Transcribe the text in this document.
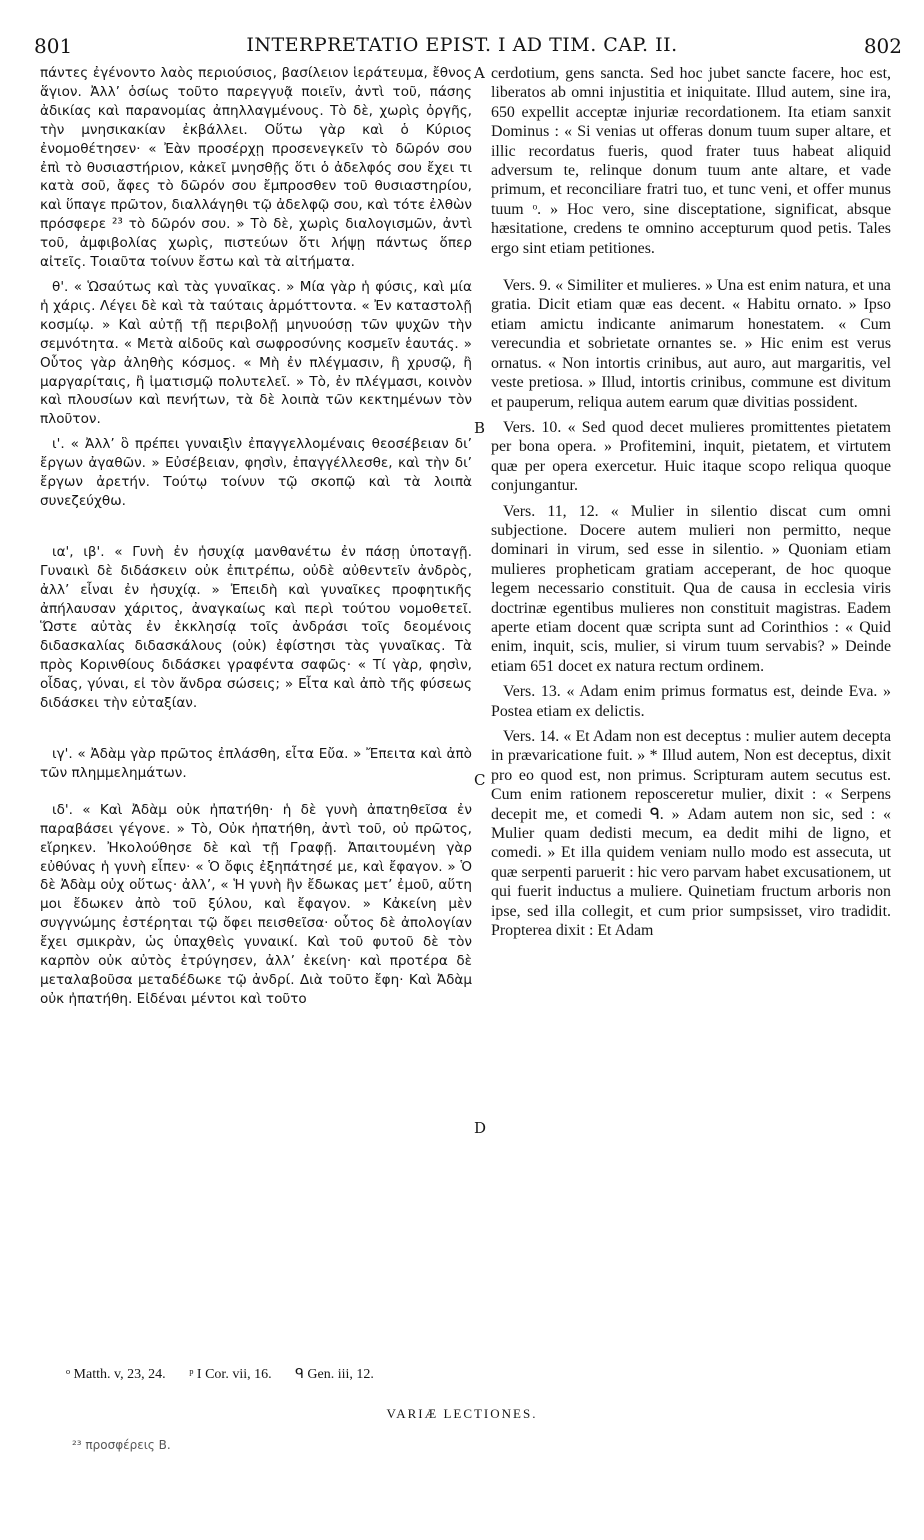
801	INTERPRETATIO EPIST. I AD TIM. CAP. II.	802

πάντες ἐγένοντο λαὸς περιούσιος, βασίλειον ἱεράτευμα, ἔθνος ἅγιον. Ἀλλ’ ὁσίως τοῦτο παρεγγυᾷ ποιεῖν, ἀντὶ τοῦ, πάσης ἀδικίας καὶ παρανομίας ἀπηλλαγμένους. Τὸ δὲ, χωρὶς ὀργῆς, τὴν μνησικακίαν ἐκβάλλει. Οὕτω γὰρ καὶ ὁ Κύριος ἐνομοθέτησεν· « Ἐὰν προσέρχῃ προσενεγκεῖν τὸ δῶρόν σου ἐπὶ τὸ θυσιαστήριον, κἀκεῖ μνησθῇς ὅτι ὁ ἀδελφός σου ἔχει τι κατὰ σοῦ, ἄφες τὸ δῶρόν σου ἔμπροσθεν τοῦ θυσιαστηρίου, καὶ ὕπαγε πρῶτον, διαλλάγηθι τῷ ἀδελφῷ σου, καὶ τότε ἐλθὼν πρόσφερε ²³ τὸ δῶρόν σου. » Τὸ δὲ, χωρὶς διαλογισμῶν, ἀντὶ τοῦ, ἀμφιβολίας χωρὶς, πιστεύων ὅτι λήψῃ πάντως ὅπερ αἰτεῖς. Τοιαῦτα τοίνυν ἔστω καὶ τὰ αἰτήματα.

θ'. « Ὡσαύτως καὶ τὰς γυναῖκας. » Μία γὰρ ἡ φύσις, καὶ μία ἡ χάρις. Λέγει δὲ καὶ τὰ ταύταις ἁρμόττοντα. « Ἐν καταστολῇ κοσμίῳ. » Καὶ αὐτῇ τῇ περιβολῇ μηνυούσῃ τῶν ψυχῶν τὴν σεμνότητα. « Μετὰ αἰδοῦς καὶ σωφροσύνης κοσμεῖν ἑαυτάς. » Οὗτος γὰρ ἀληθὴς κόσμος. « Μὴ ἐν πλέγμασιν, ἢ χρυσῷ, ἢ μαργαρίταις, ἢ ἱματισμῷ πολυτελεῖ. » Τὸ, ἐν πλέγμασι, κοινὸν καὶ πλουσίων καὶ πενήτων, τὰ δὲ λοιπὰ τῶν κεκτημένων τὸν πλοῦτον.

ι'. « Ἀλλ’ ὃ πρέπει γυναιξὶν ἐπαγγελλομέναις θεοσέβειαν δι’ ἔργων ἀγαθῶν. » Εὐσέβειαν, φησὶν, ἐπαγγέλλεσθε, καὶ τὴν δι’ ἔργων ἀρετήν. Τούτῳ τοίνυν τῷ σκοπῷ καὶ τὰ λοιπὰ συνεζεύχθω.

ια', ιβ'. « Γυνὴ ἐν ἡσυχίᾳ μανθανέτω ἐν πάσῃ ὑποταγῇ. Γυναικὶ δὲ διδάσκειν οὐκ ἐπιτρέπω, οὐδὲ αὐθεντεῖν ἀνδρὸς, ἀλλ’ εἶναι ἐν ἡσυχίᾳ. » Ἐπειδὴ καὶ γυναῖκες προφητικῆς ἀπήλαυσαν χάριτος, ἀναγκαίως καὶ περὶ τούτου νομοθετεῖ. Ὥστε αὐτὰς ἐν ἐκκλησίᾳ τοῖς ἀνδράσι τοῖς δεομένοις διδασκαλίας διδασκάλους (οὐκ) ἐφίστησι τὰς γυναῖκας. Τὰ πρὸς Κορινθίους διδάσκει γραφέντα σαφῶς· « Τί γὰρ, φησὶν, οἶδας, γύναι, εἰ τὸν ἄνδρα σώσεις; » Εἶτα καὶ ἀπὸ τῆς φύσεως διδάσκει τὴν εὐταξίαν.

ιγ'. « Ἀδὰμ γὰρ πρῶτος ἐπλάσθη, εἶτα Εὔα. » Ἔπειτα καὶ ἀπὸ τῶν πλημμελημάτων.

ιδ'. « Καὶ Ἀδὰμ οὐκ ἠπατήθη· ἡ δὲ γυνὴ ἀπατηθεῖσα ἐν παραβάσει γέγονε. » Τὸ, Οὐκ ἠπατήθη, ἀντὶ τοῦ, οὐ πρῶτος, εἴρηκεν. Ἠκολούθησε δὲ καὶ τῇ Γραφῇ. Ἀπαιτουμένη γὰρ εὐθύνας ἡ γυνὴ εἶπεν· « Ὁ ὄφις ἐξηπάτησέ με, καὶ ἔφαγον. » Ὁ δὲ Ἀδὰμ οὐχ οὕτως· ἀλλ’, « Ἡ γυνὴ ἣν ἔδωκας μετ’ ἐμοῦ, αὕτη μοι ἔδωκεν ἀπὸ τοῦ ξύλου, καὶ ἔφαγον. » Κἀκείνη μὲν συγγνώμης ἐστέρηται τῷ ὄφει πεισθεῖσα· οὗτος δὲ ἀπολογίαν ἔχει σμικρὰν, ὡς ὑπαχθεὶς γυναικί. Καὶ τοῦ φυτοῦ δὲ τὸν καρπὸν οὐκ αὐτὸς ἐτρύγησεν, ἀλλ’ ἐκείνη· καὶ προτέρα δὲ μεταλαβοῦσα μεταδέδωκε τῷ ἀνδρί. Διὰ τοῦτο ἔφη· Καὶ Ἀδὰμ οὐκ ἠπατήθη. Εἰδέναι μέντοι καὶ τοῦτο

A
B
C
D

cerdotium, gens sancta. Sed hoc jubet sancte facere, hoc est, liberatos ab omni injustitia et iniquitate. Illud autem, sine ira, 650 expellit acceptæ injuriæ recordationem. Ita etiam sanxit Dominus : « Si venias ut offeras donum tuum super altare, et illic recordatus fueris, quod frater tuus habeat aliquid adversum te, relinque donum tuum ante altare, et vade primum, et reconciliare fratri tuo, et tunc veni, et offer munus tuum ᵒ. » Hoc vero, sine disceptatione, significat, absque hæsitatione, credens te omnino accepturum quod petis. Tales ergo sint etiam petitiones.

Vers. 9. « Similiter et mulieres. » Una est enim natura, et una gratia. Dicit etiam quæ eas decent. « Habitu ornato. » Ipso etiam amictu indicante animarum honestatem. « Cum verecundia et sobrietate ornantes se. » Hic enim est verus ornatus. « Non intortis crinibus, aut auro, aut margaritis, vel veste pretiosa. » Illud, intortis crinibus, commune est divitum et pauperum, reliqua autem earum quæ divitias possident.

Vers. 10. « Sed quod decet mulieres promittentes pietatem per bona opera. » Profitemini, inquit, pietatem, et virtutem quæ per opera exercetur. Huic itaque scopo reliqua quoque conjungantur.

Vers. 11, 12. « Mulier in silentio discat cum omni subjectione. Docere autem mulieri non permitto, neque dominari in virum, sed esse in silentio. » Quoniam etiam mulieres propheticam gratiam acceperant, de hoc quoque legem necessario constituit. Qua de causa in ecclesia viris doctrinæ egentibus mulieres non constituit magistras. Eadem aperte etiam docent quæ scripta sunt ad Corinthios : « Quid enim, inquit, scis, mulier, si virum tuum servabis? » Deinde etiam 651 docet ex natura rectum ordinem.

Vers. 13. « Adam enim primus formatus est, deinde Eva. » Postea etiam ex delictis.

Vers. 14. « Et Adam non est deceptus : mulier autem decepta in prævaricatione fuit. » * Illud autem, Non est deceptus, dixit pro eo quod est, non primus. Scripturam autem secutus est. Cum enim rationem reposceretur mulier, dixit : « Serpens decepit me, et comedi ᑫ. » Adam autem non sic, sed : « Mulier quam dedisti mecum, ea dedit mihi de ligno, et comedi. » Et illa quidem veniam nullo modo est assecuta, ut quæ serpenti paruerit : hic vero parvam habet excusationem, ut qui fuerit inductus a muliere. Quinetiam fructum arboris non ipse, sed illa collegit, et cum prior sumpsisset, viro tradidit. Propterea dixit : Et Adam

ᵒ Matth. v, 23, 24. ᵖ I Cor. vii, 16. ᑫ Gen. iii, 12.
VARIÆ LECTIONES.
²³ προσφέρεις B.
